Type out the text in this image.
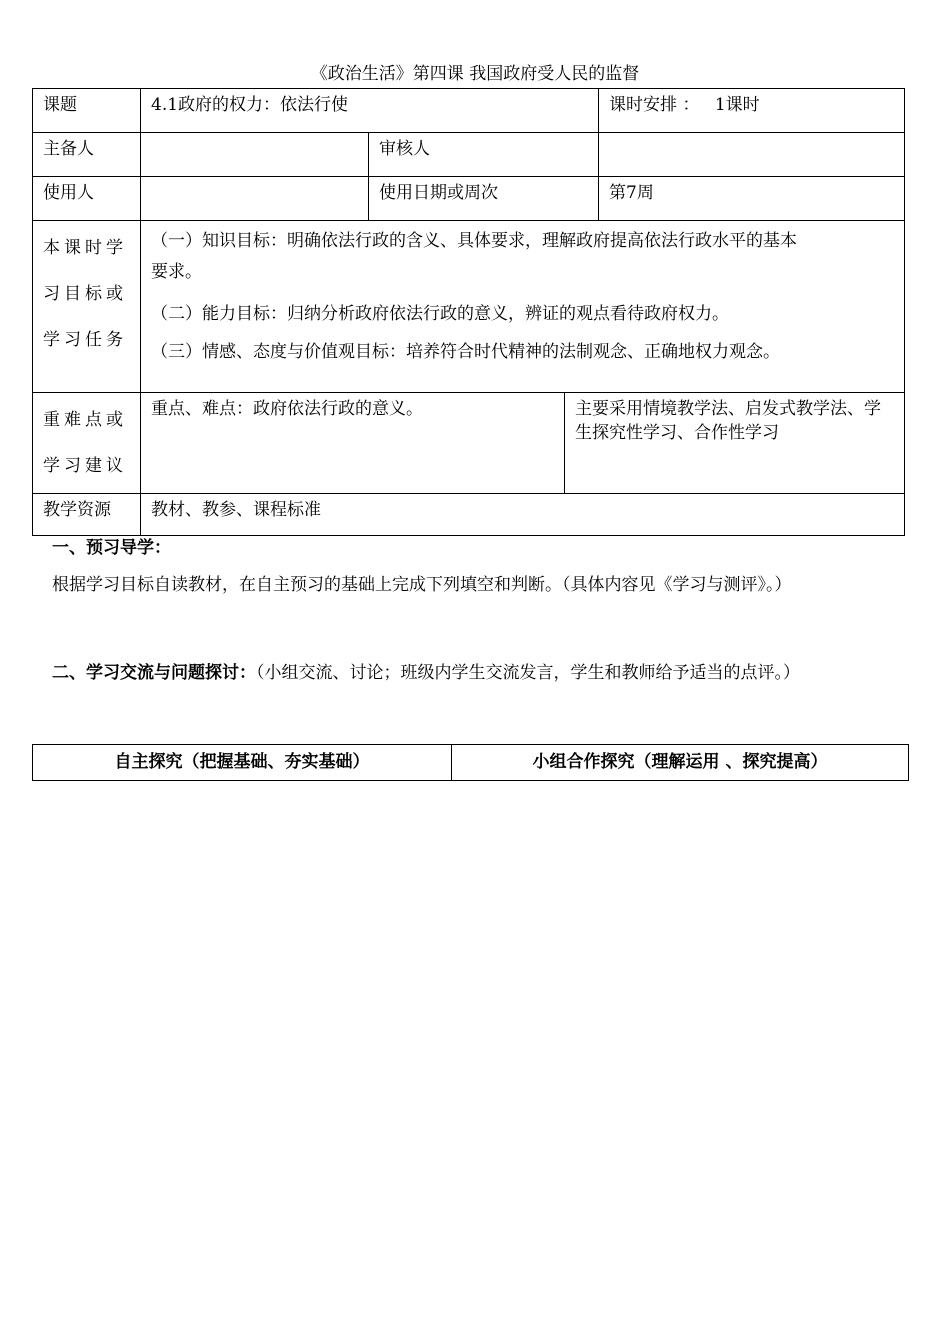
《政治生活》第四课 我国政府受人民的监督
课题	4.1政府的权力：依法行使			课时安排 ： 1课时
主备人		审核人		
使用人		使用日期或周次		第7周
本课时学习目标或学习任务	（一）知识目标：明确依法行政的含义、具体要求，理解政府提高依法行政水平的基本

要求。

（二）能力目标：归纳分析政府依法行政的意义，辨证的观点看待政府权力。

（三）情感、态度与价值观目标：培养符合时代精神的法制观念、正确地权力观念。			

重难点或学习建议	重点、难点：政府依法行政的意义。		主要采用情境教学法、启发式教学法、学生探究性学习、合作性学习	
教学资源	教材、教参、课程标准			
一、预习导学：
根据学习目标自读教材，在自主预习的基础上完成下列填空和判断。（具体内容见《学习与测评》。）
二、学习交流与问题探讨：（小组交流、讨论；班级内学生交流发言，学生和教师给予适当的点评。）
自主探究（把握基础、夯实基础）	小组合作探究（理解运用 、探究提高）
